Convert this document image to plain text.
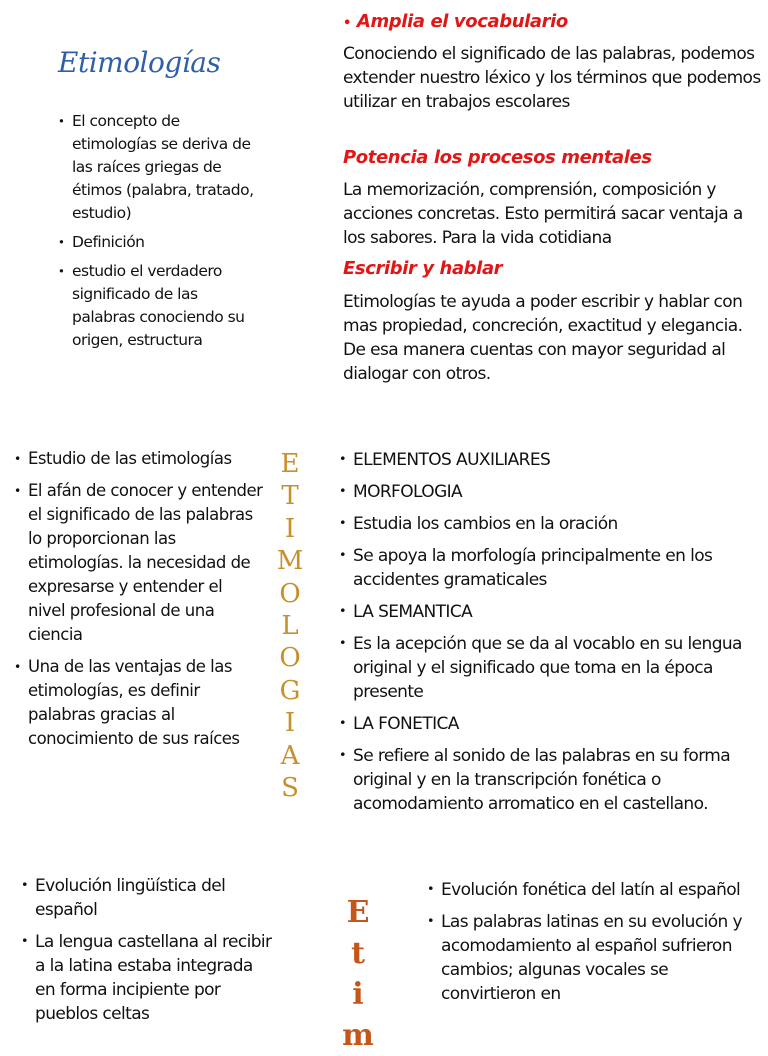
Etimologías
• El concepto de etimologías se deriva de las raíces griegas de étimos (palabra, tratado, estudio)
• Definición
• estudio el verdadero significado de las palabras conociendo su origen, estructura
• Amplia el vocabulario
Conociendo el significado de las palabras, podemos extender nuestro léxico y los términos que podemos utilizar en trabajos escolares
Potencia los procesos mentales
La memorización, comprensión, composición y acciones concretas. Esto permitirá sacar ventaja a los sabores. Para la vida cotidiana
Escribir y hablar
Etimologías te ayuda a poder escribir y hablar con mas propiedad, concreción, exactitud y elegancia. De esa manera cuentas con mayor seguridad al dialogar con otros.
• Estudio de las etimologías
• El afán de conocer y entender el significado de las palabras lo proporcionan las etimologías. la necesidad de expresarse y entender el nivel profesional de una ciencia
• Una de las ventajas de las etimologías, es definir palabras gracias al conocimiento de sus raíces
E
T
I
M
O
L
O
G
I
A
S
• ELEMENTOS AUXILIARES
• MORFOLOGIA
• Estudia los cambios en la oración
• Se apoya la morfología principalmente en los accidentes gramaticales
• LA SEMANTICA
• Es la acepción que se da al vocablo en su lengua original y el significado que toma en la época presente
• LA FONETICA
• Se refiere al sonido de las palabras en su forma original y en la transcripción fonética o acomodamiento arromatico en el castellano.
• Evolución lingüística del español
• La lengua castellana al recibir a la latina estaba integrada en forma incipiente por pueblos celtas
E
t
i
m
• Evolución fonética del latín al español
• Las palabras latinas en su evolución y acomodamiento al español sufrieron cambios; algunas vocales se convirtieron en
